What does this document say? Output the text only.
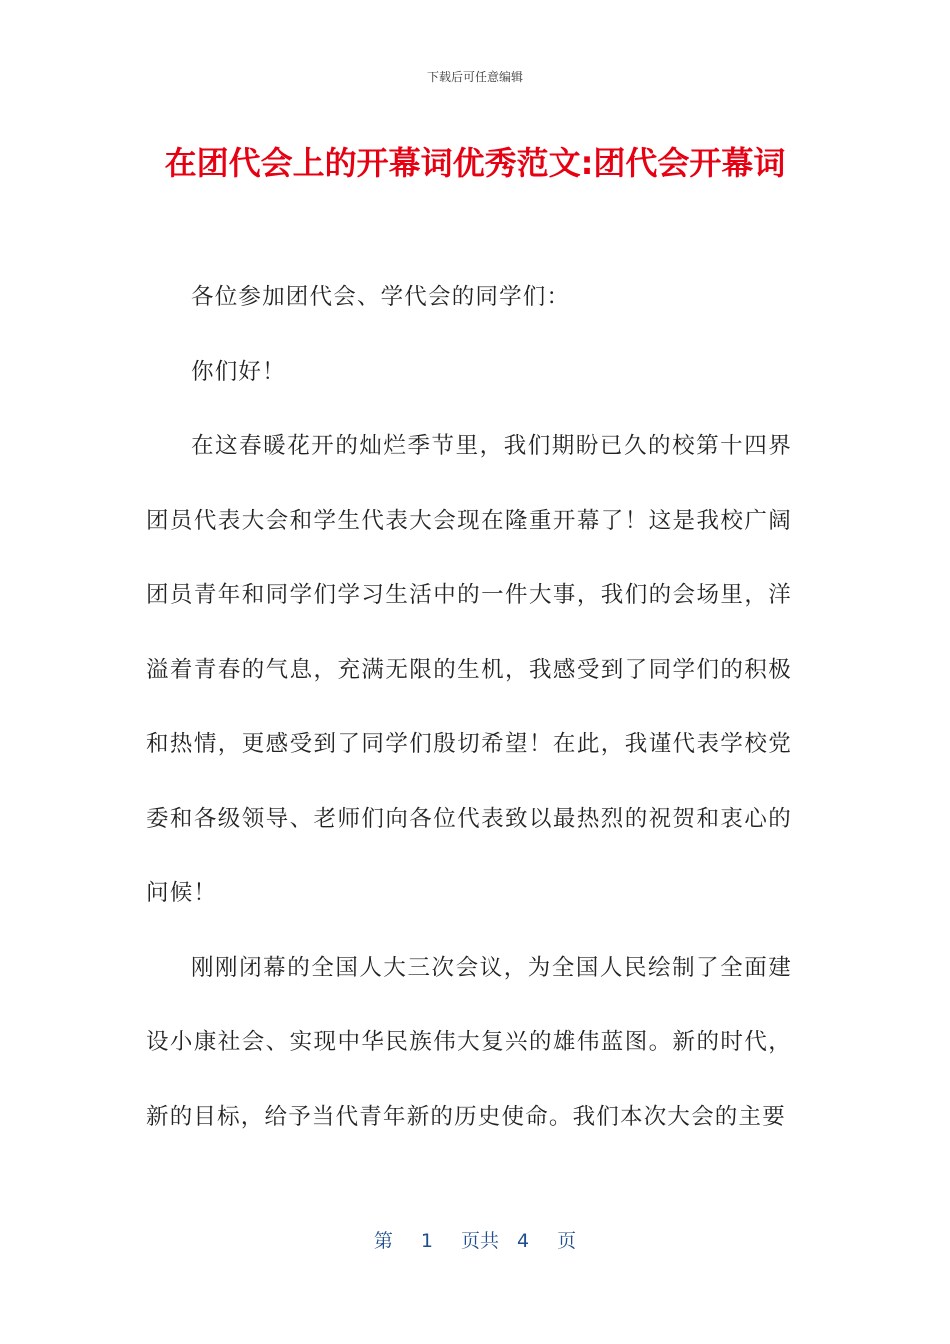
下载后可任意编辑
在团代会上的开幕词优秀范文:团代会开幕词

各位参加团代会、学代会的同学们：

你们好！

在这春暖花开的灿烂季节里，我们期盼已久的校第十四界团员代表大会和学生代表大会现在隆重开幕了！这是我校广阔团员青年和同学们学习生活中的一件大事，我们的会场里，洋溢着青春的气息，充满无限的生机，我感受到了同学们的积极和热情，更感受到了同学们殷切希望！在此，我谨代表学校党委和各级领导、老师们向各位代表致以最热烈的祝贺和衷心的问候！

刚刚闭幕的全国人大三次会议，为全国人民绘制了全面建设小康社会、实现中华民族伟大复兴的雄伟蓝图。新的时代，新的目标，给予当代青年新的历史使命。我们本次大会的主要

第 1 页共 4 页
